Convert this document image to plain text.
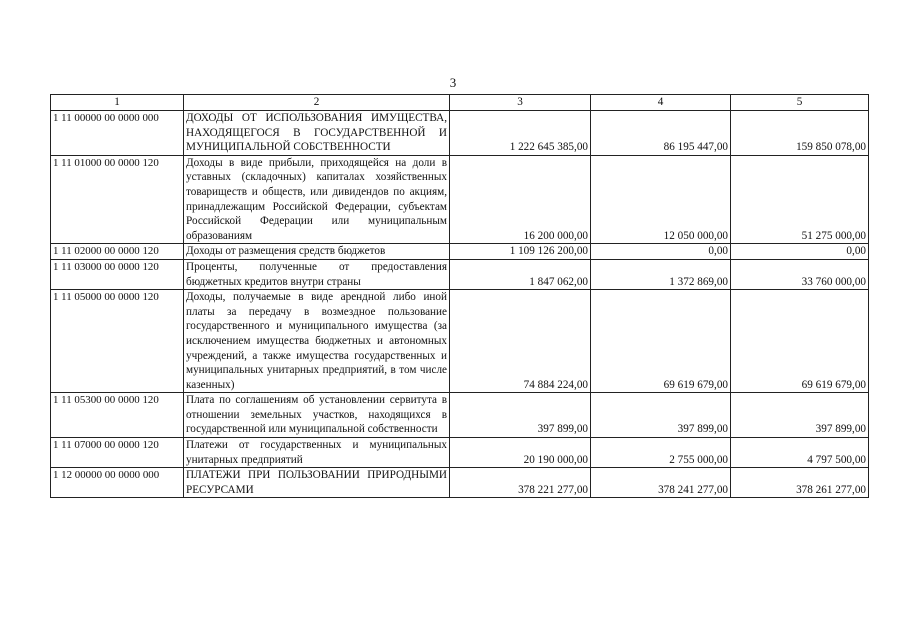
3
1	2	3	4	5
1 11 00000 00 0000 000	ДОХОДЫ ОТ ИСПОЛЬЗОВАНИЯ ИМУЩЕСТВА, НАХОДЯЩЕГОСЯ В ГОСУДАРСТВЕННОЙ И МУНИЦИПАЛЬНОЙ СОБСТВЕННОСТИ	1 222 645 385,00	86 195 447,00	159 850 078,00
1 11 01000 00 0000 120	Доходы в виде прибыли, приходящейся на доли в уставных (складочных) капиталах хозяйственных товариществ и обществ, или дивидендов по акциям, принадлежащим Российской Федерации, субъектам Российской Федерации или муниципальным образованиям	16 200 000,00	12 050 000,00	51 275 000,00
1 11 02000 00 0000 120	Доходы от размещения средств бюджетов	1 109 126 200,00	0,00	0,00
1 11 03000 00 0000 120	Проценты, полученные от предоставления бюджетных кредитов внутри страны	1 847 062,00	1 372 869,00	33 760 000,00
1 11 05000 00 0000 120	Доходы, получаемые в виде арендной либо иной платы за передачу в возмездное пользование государственного и муниципального имущества (за исключением имущества бюджетных и автономных учреждений, а также имущества государственных и муниципальных унитарных предприятий, в том числе казенных)	74 884 224,00	69 619 679,00	69 619 679,00
1 11 05300 00 0000 120	Плата по соглашениям об установлении сервитута в отношении земельных участков, находящихся в государственной или муниципальной собственности	397 899,00	397 899,00	397 899,00
1 11 07000 00 0000 120	Платежи от государственных и муниципальных унитарных предприятий	20 190 000,00	2 755 000,00	4 797 500,00
1 12 00000 00 0000 000	ПЛАТЕЖИ ПРИ ПОЛЬЗОВАНИИ ПРИРОДНЫМИ РЕСУРСАМИ	378 221 277,00	378 241 277,00	378 261 277,00
